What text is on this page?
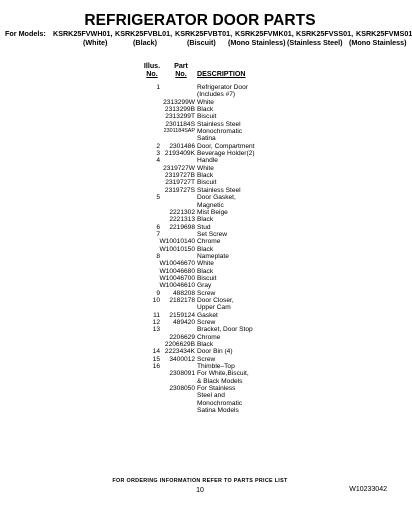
REFRIGERATOR DOOR PARTS
For Models: KSRK25FVWH01, KSRK25FVBL01, KSRK25FVBT01, KSRK25FVMK01, KSRK25FVSS01, KSRK25FVMS01
(White)	(Black)	(Biscuit) (Mono Stainless) (Stainless Steel) (Mono Stainless)
Illus.
No.
Part
No.	DESCRIPTION
1	Refrigerator Door
(Includes #7)
2313299W White
2313299B Black
2313299T Biscuit
2301184S Stainless Steel
2301184SAP Monochromatic
Satina
2	2301486 Door, Compartment
3 2193409K Beverage Holder(2)
4	Handle
2319727W White
2319727B Black
2319727T Biscuit
2319727S Stainless Steel
5	Door Gasket,
Magnetic
2221302 Mist Beige
2221313 Black
6	2219698 Stud
7	Set Screw
W10010140 Chrome
W10010150 Black
8	Nameplate
W10046670 White
W10046680 Black
W10046700 Biscuit
W10046610 Gray
9	488208 Screw
10	2182178 Door Closer,
Upper Cam
11	2159124 Gasket
12	489420 Screw
13	Bracket, Door Stop
2206629 Chrome
2206629B Black
14 2223434K Door Bin (4)
15	3400012 Screw
16	Thimble–Top
2308091 For White,Biscuit,
& Black Models
2308050 For Stainless
Steel and
Monochromatic
Satina Models
FOR ORDERING INFORMATION REFER TO PARTS PRICE LIST
10	W10233042
